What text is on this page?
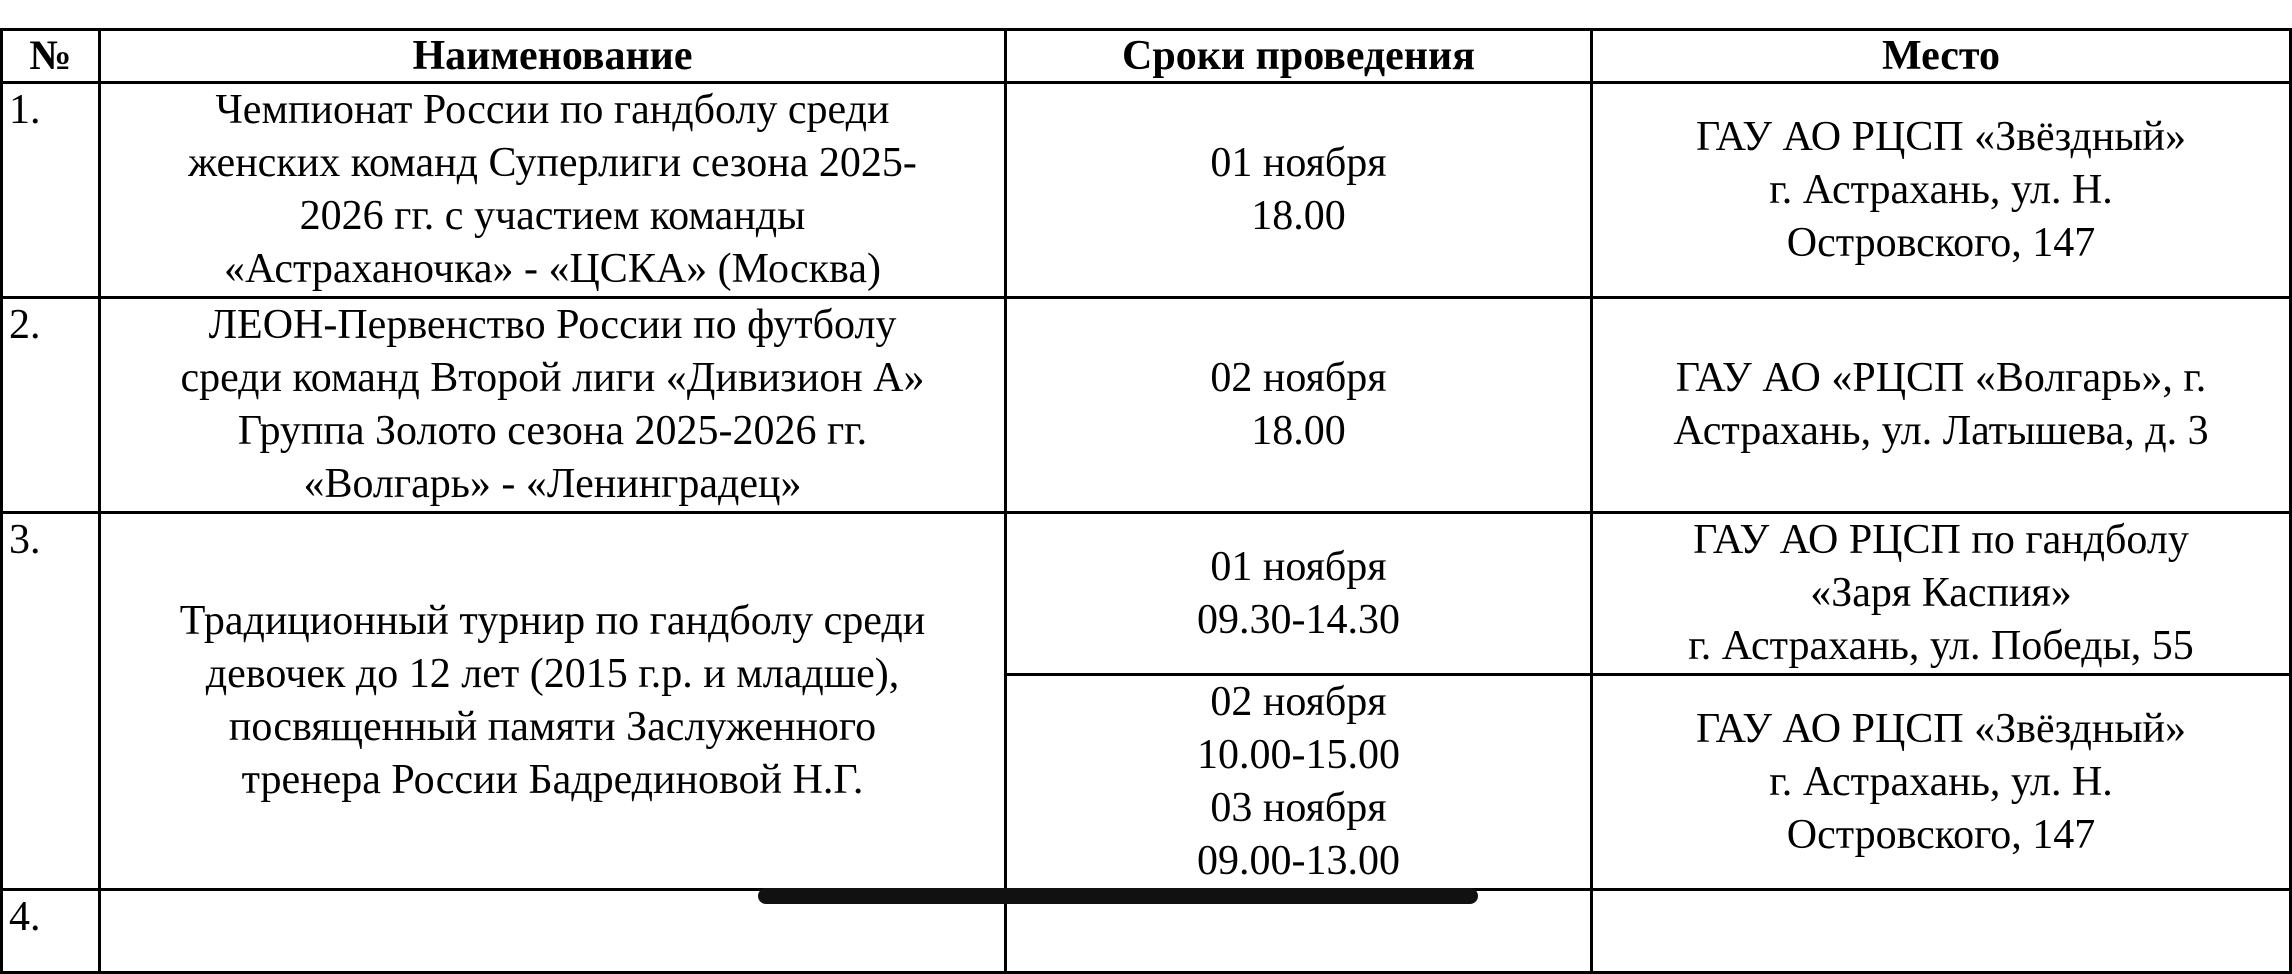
№	Наименование	Сроки проведения	Место
1.	Чемпионат России по гандболу среди
женских команд Суперлиги сезона 2025-
2026 гг. с участием команды
«Астраханочка» - «ЦСКА» (Москва)	01 ноября
18.00	ГАУ АО РЦСП «Звёздный»
г. Астрахань, ул. Н.
Островского, 147

2.	ЛЕОН-Первенство России по футболу
среди команд Второй лиги «Дивизион А»
Группа Золото сезона 2025-2026 гг.
«Волгарь» - «Ленинградец»	02 ноября
18.00	ГАУ АО «РЦСП «Волгарь», г.
Астрахань, ул. Латышева, д. 3

3.	Традиционный турнир по гандболу среди
девочек до 12 лет (2015 г.р. и младше),
посвященный памяти Заслуженного
тренера России Бадрединовой Н.Г.	01 ноября
09.30-14.30	ГАУ АО РЦСП по гандболу
«Заря Каспия»
г. Астрахань, ул. Победы, 55

		02 ноября
10.00-15.00
03 ноября
09.00-13.00	ГАУ АО РЦСП «Звёздный»
г. Астрахань, ул. Н.
Островского, 147

4.			
